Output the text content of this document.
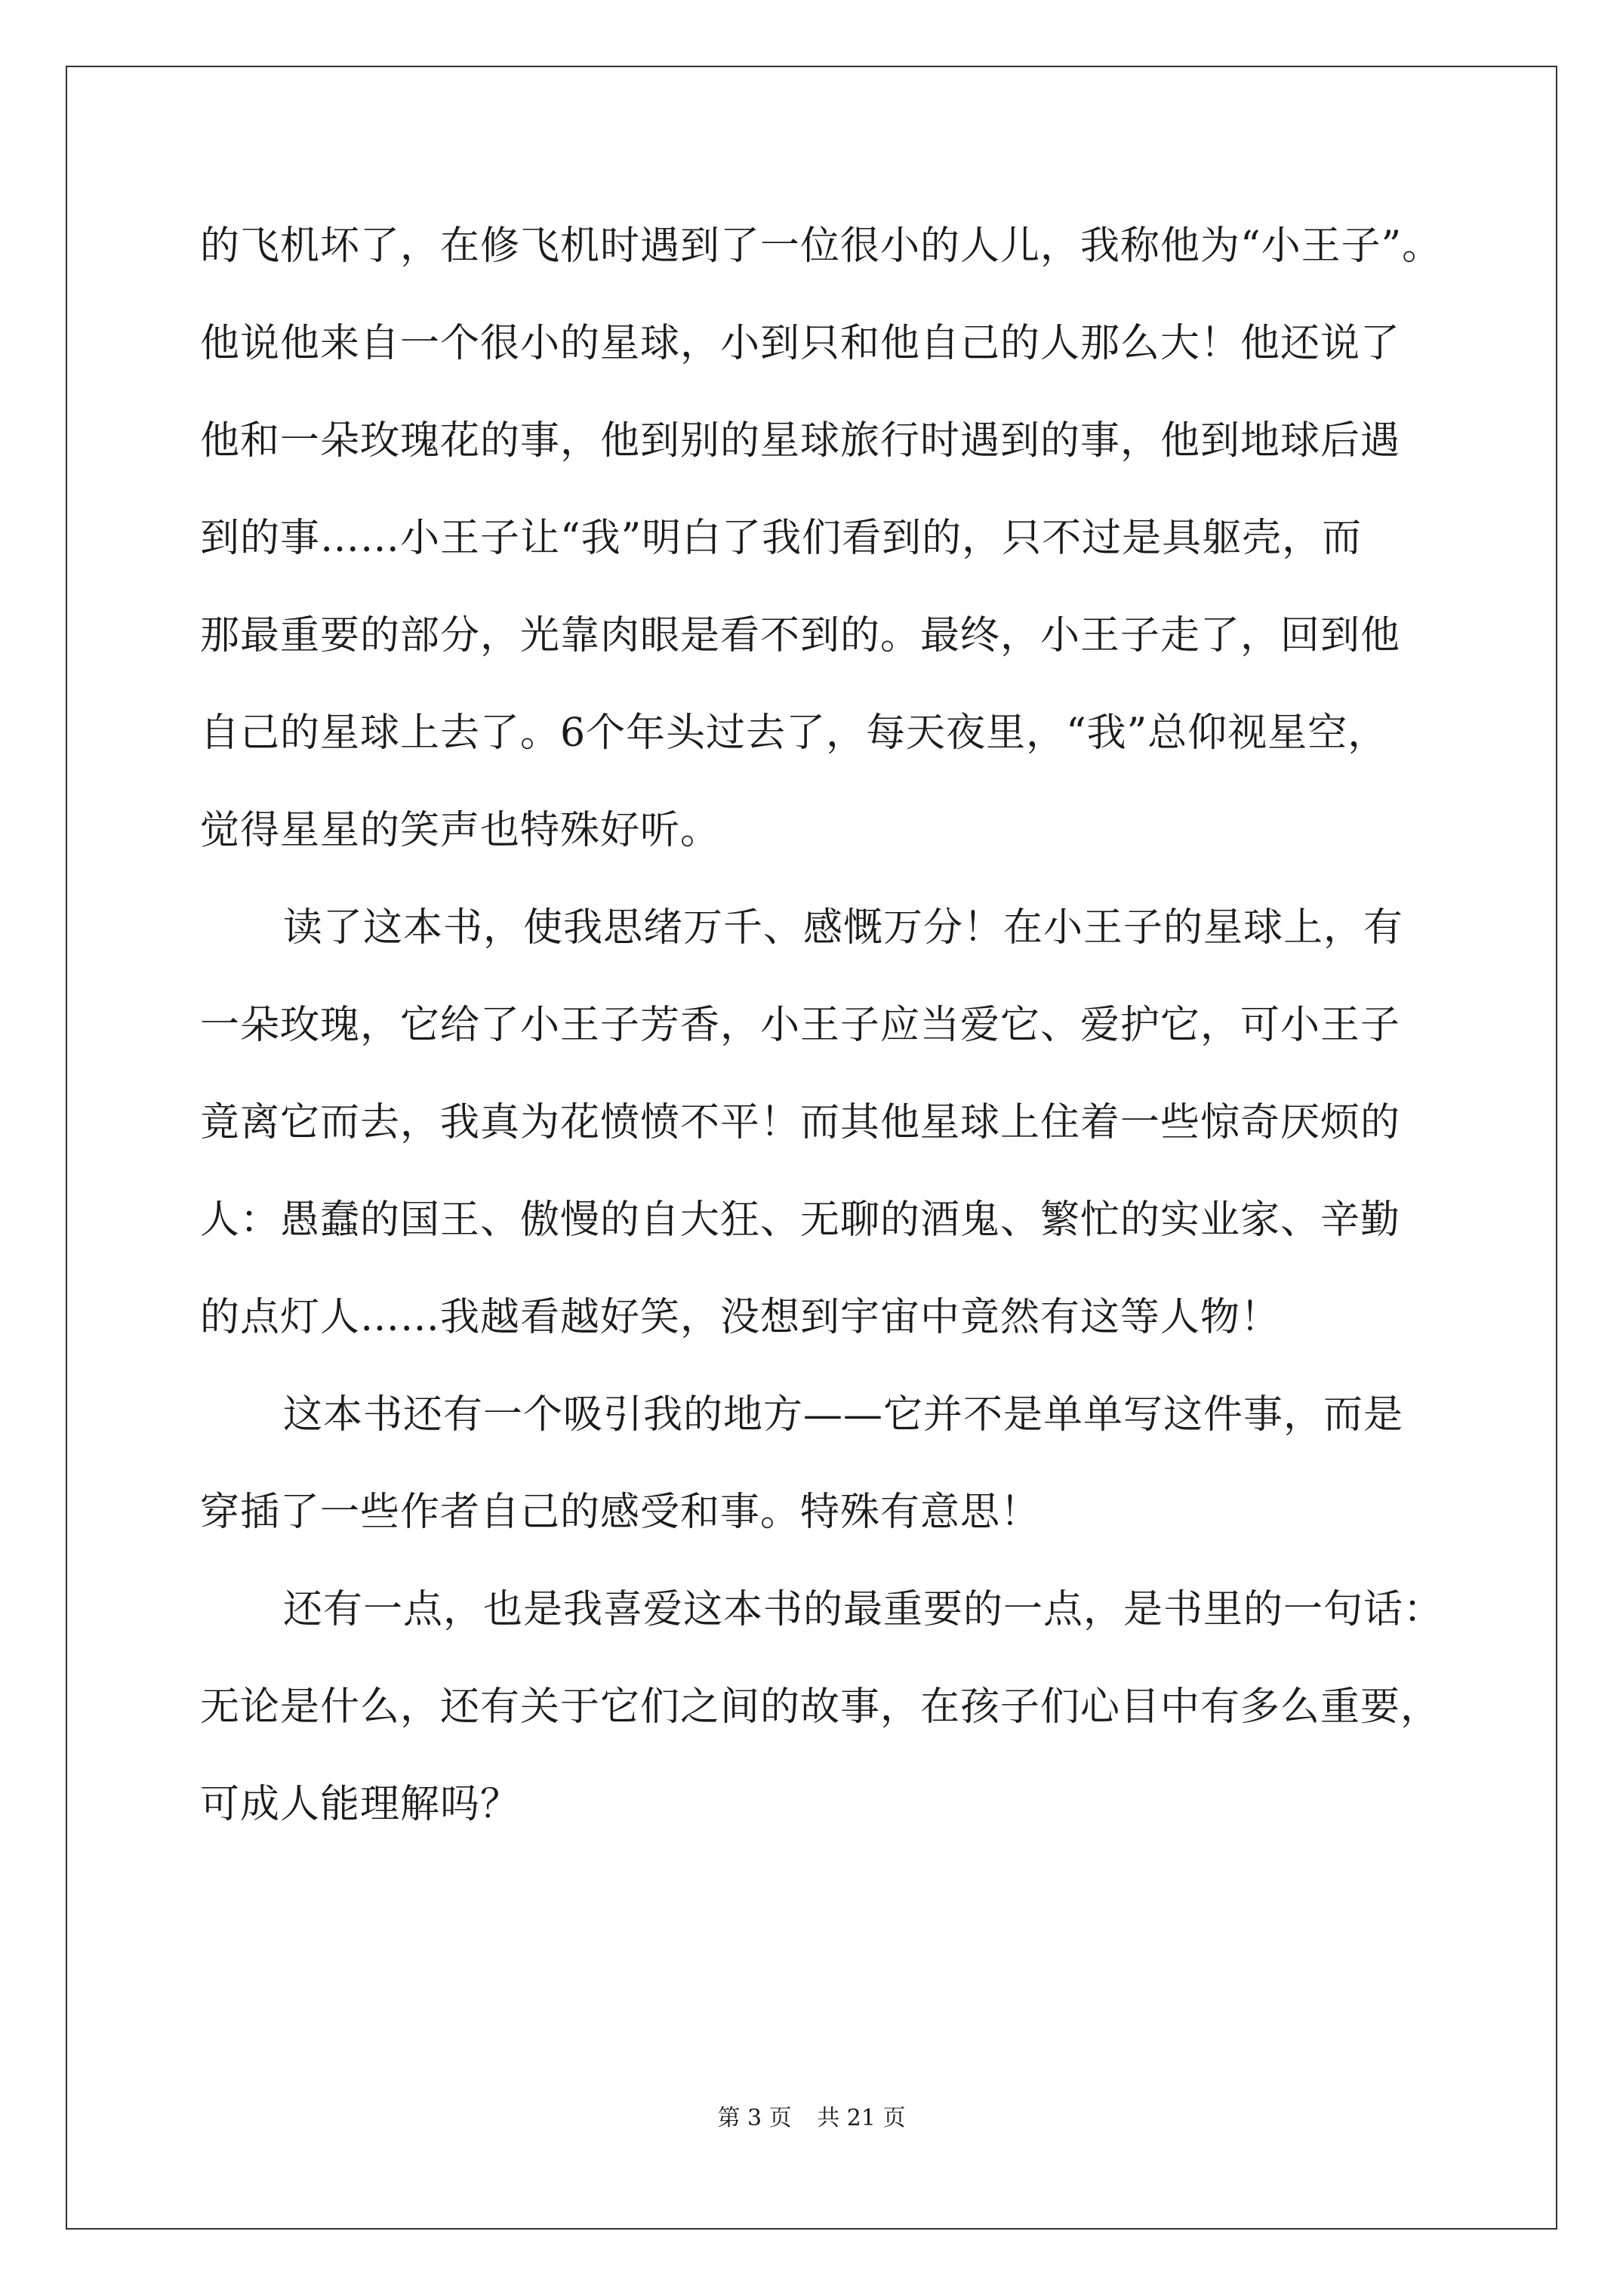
的飞机坏了，在修飞机时遇到了一位很小的人儿，我称他为“小王子”。

他说他来自一个很小的星球，小到只和他自己的人那么大！他还说了

他和一朵玫瑰花的事，他到别的星球旅行时遇到的事，他到地球后遇

到的事……小王子让“我”明白了我们看到的，只不过是具躯壳，而

那最重要的部分，光靠肉眼是看不到的。最终，小王子走了，回到他

自己的星球上去了。6个年头过去了，每天夜里，“我”总仰视星空，

觉得星星的笑声也特殊好听。

读了这本书，使我思绪万千、感慨万分！在小王子的星球上，有

一朵玫瑰，它给了小王子芳香，小王子应当爱它、爱护它，可小王子

竟离它而去，我真为花愤愤不平！而其他星球上住着一些惊奇厌烦的

人：愚蠢的国王、傲慢的自大狂、无聊的酒鬼、繁忙的实业家、辛勤

的点灯人……我越看越好笑，没想到宇宙中竟然有这等人物！

这本书还有一个吸引我的地方——它并不是单单写这件事，而是

穿插了一些作者自己的感受和事。特殊有意思！

还有一点，也是我喜爱这本书的最重要的一点，是书里的一句话：

无论是什么，还有关于它们之间的故事，在孩子们心目中有多么重要，

可成人能理解吗？

第 3 页 共 21 页
